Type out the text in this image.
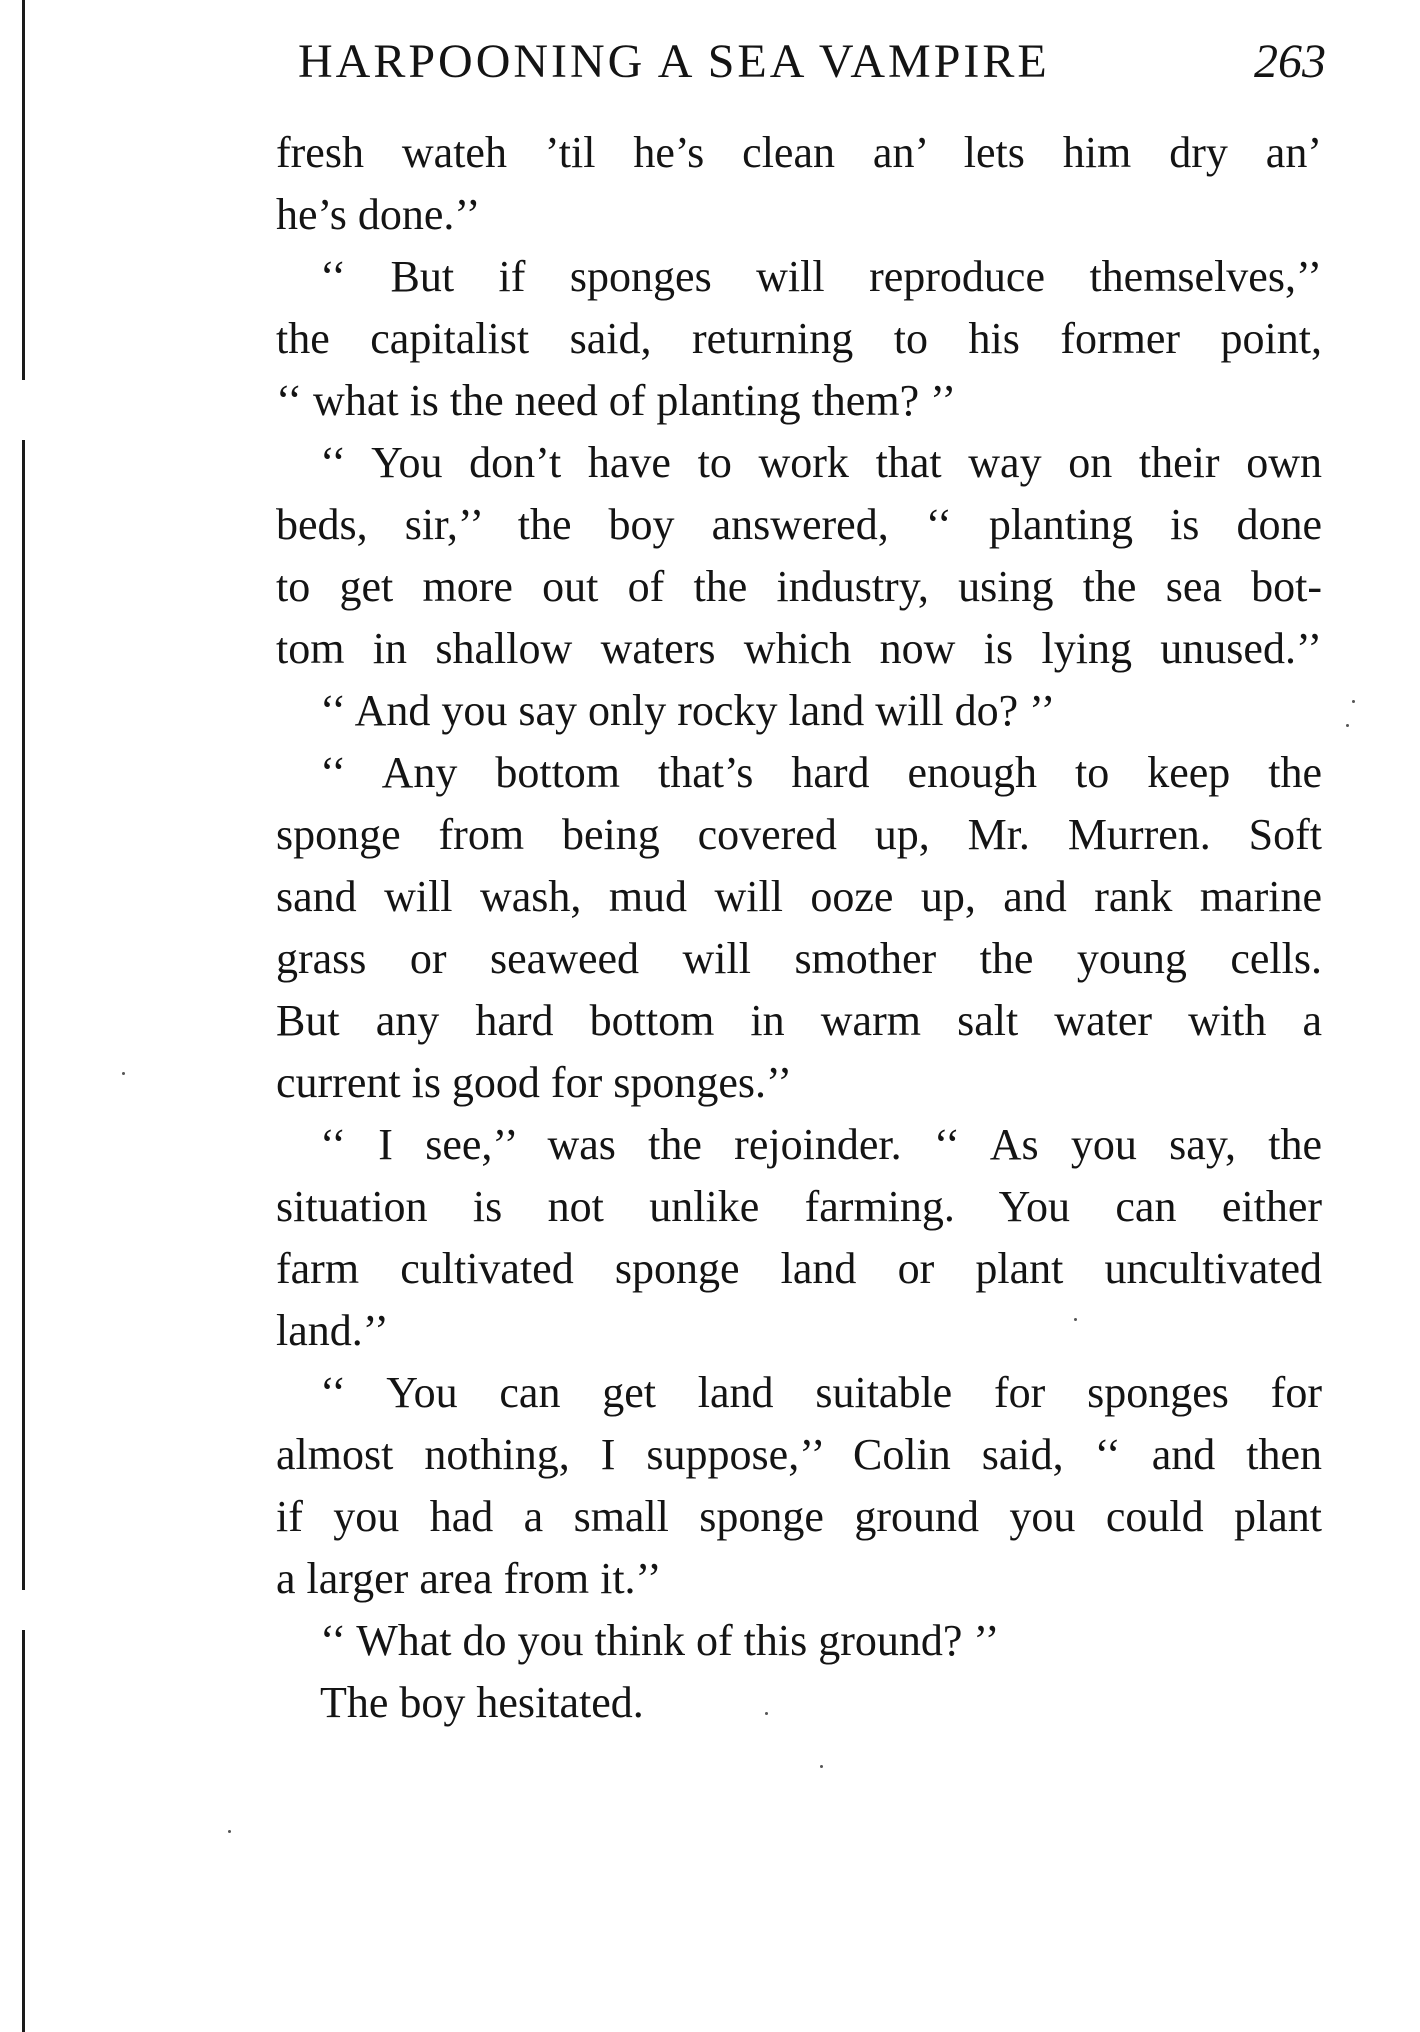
HARPOONING A SEA VAMPIRE	263
fresh wateh ’til he’s clean an’ lets him dry an’
he’s done.’’
‘‘ But if sponges will reproduce themselves,’’
the capitalist said, returning to his former point,
‘‘ what is the need of planting them? ’’
‘‘ You don’t have to work that way on their own
beds, sir,’’ the boy answered, ‘‘ planting is done
to get more out of the industry, using the sea bot-
tom in shallow waters which now is lying unused.’’
‘‘ And you say only rocky land will do? ’’
‘‘ Any bottom that’s hard enough to keep the
sponge from being covered up, Mr. Murren. Soft
sand will wash, mud will ooze up, and rank marine
grass or seaweed will smother the young cells.
But any hard bottom in warm salt water with a
current is good for sponges.’’
‘‘ I see,’’ was the rejoinder. ‘‘ As you say, the
situation is not unlike farming. You can either
farm cultivated sponge land or plant uncultivated
land.’’
‘‘ You can get land suitable for sponges for
almost nothing, I suppose,’’ Colin said, ‘‘ and then
if you had a small sponge ground you could plant
a larger area from it.’’
‘‘ What do you think of this ground? ’’
The boy hesitated.
